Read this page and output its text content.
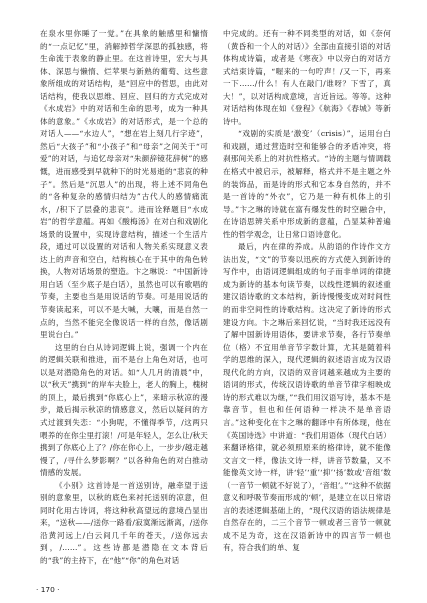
在泉水里你睡了一觉。”在具象的触感里和慵惰的“一点记忆”里，消解掉哲学深思的孤独感，将生命流于表象的静止里。在这首诗里，宏大与具体、深思与懒惰、烂苹果与新熟的葡萄、这些意象所组成的对话结构，是“回应中的哲思，由此对话结构，使我以思维、回应、回归的方式完成对《水成岩》中的对话和生命的思考，成为一种具体的意象。”《水成岩》的对话形式，是一个总的对话人——“水边人”，“想在岩上刻几行字迹”，然后“大孩子”和“小孩子”和“母亲”之间关于“可爱”的对话，与追忆母亲对“朱颜辞镜花辞树”的感慨，进而感受到早就种下的时光易逝的“悲哀的种子”。然后是“沉思人”的出现，将上述不同角色的“各种复杂的感情归结为”古代人的感情痛流水，/积下了层叠的悲哀”。进而诠释题目“水成岩”的哲学意蕴。再如《酸梅汤》在对白和戏剧化场景的设置中，实现诗意结构，描述一个生活片段，通过可以设置的对话和人物关系实现意义表达上的声音和空白，结构核心在于其中的角色转换，人物对话场景的塑造。卞之琳说：“中国新诗用白话（至少底子是白话），虽然也可以有歌唱的节奏，主要也当是用说话的节奏。可是用说话的节奏读起来，可以不是大喊，大嚷，而是自然一点的，当然不能完全像说话一样的自然，像话剧里说台白。”

这里的台白从诗词逻辑上说，强调一个内在的逻辑关联和推进，而不是台上角色对话，也可以是对潜隐角色的对话。如“人几月的清晨”中，以“秋天”携到“的岸车夫脸上，老人的胸上，槐树的顶上，最后携到“你底心上”，来暗示秋凉的漫步，最后揭示秋凉的情感意义，然后以疑问的方式过渡到失恋：“小狗呢，不懂得季节，/这两只喂养的在你尘里打滚！/可是年轻人，怎么让/秋天携到了你底心上了？/你在你心上，一步步/越走越慢了，/寻什么梦影啊？”以各种角色的对白推动情感的发展。

《小别》这首诗是一首送别诗，融牵望于送别的意象里，以秋的底色来衬托送别的凉意，但同时化用古诗词，将这种秋高望远的意境凸显出来，“送秋——/送你一路看/寂寞渐远渐离，/送你沿黄河远上/白云间几千年的苍天，/送你远去到，/……”。这些诗都是潜隐在文本背后的“我”的主持下，在“他”“你”的角色对话

中完成的。还有一种不同类型的对话，如《奈何（黄昏和一个人的对话）》全部由直接引语的对话体构成诗篇，或者是《寒夜》中以旁白的对话方式结束诗篇，“喔来的一句咛声！/又一下，再来一下……/什么！有人在敲门/谁呀？下雪了，真大！”，以对话构成意境，言近旨远。等等。这种对话结构体现在如《登程》《航海》《春城》等新诗中。

“戏剧的实质是‘激变’（crisis）”，运用台白和戏剧，通过营造时空和能够合的矛盾冲突，将刹那间关系上的对抗性格式。“诗的主题与情调载在格式中被启示，被解释，格式并不是主题之外的装饰品，而是诗的形式和它本身自然的，并不是一首诗的“外衣”，它乃是一种有机体上的引导。”卞之琳的诗就在富有爆发性的时空融合中，在诗语思辨关系中形成新的意蕴，凸显某种普遍性的哲学观念，让日常口语诗意化。

最后，内在律的养成。从韵语的作诗作文方法出发，“文”的节奏以迅疾的方式使入到新诗的写作中，由语词逻辑组成的句子而非单词的律捷成为新诗的基本句读节奏，以线性逻辑的叙述重建汉语诗歌的文本结构，新诗慢慢变成对时间性的而非空间性的诗歌结构。这决定了新诗的形式建设方向。卞之琳后来回忆说，“当时我还远没有了解中国新诗用语体，要讲求节奏，各行节奏单位（格）不宜用单音节字数计算，尤其是随着科学的思维的深入，现代逻辑的叙述语言成为汉语现代化的方向，汉语的双音词越来越成为主要的语词的形式，传统汉语诗歌的单音节律字相映成诗的形式难以为继，”“我们用汉语写诗，基本不是靠音节，但也和任何语种一样决不是单音语言。”这种变化在卞之琳的翻译中有所体现，他在《英国诗选》中讲道：“我们用语体（现代白话）来翻译格律，就必须照原来的格律诗，就不能像文言文一样，像法文诗一样，讲音节数量，又不能像英文诗一样，讲‘轻’‘重’‘抑’‘扬’数或‘音组’数（一音节一顿就不好说了），‘音组’。”“这种不依据意义和呼吸节奏而形成的‘顿’，是建立在以日常语言的表述逻辑基础上的，“现代汉语的语法规律是自然存在的，二三个音节一顿或者三音节一顿就成不足为奇，这在汉语新诗中的四言节一顿也有，符合我们的单、复

· 170 ·
